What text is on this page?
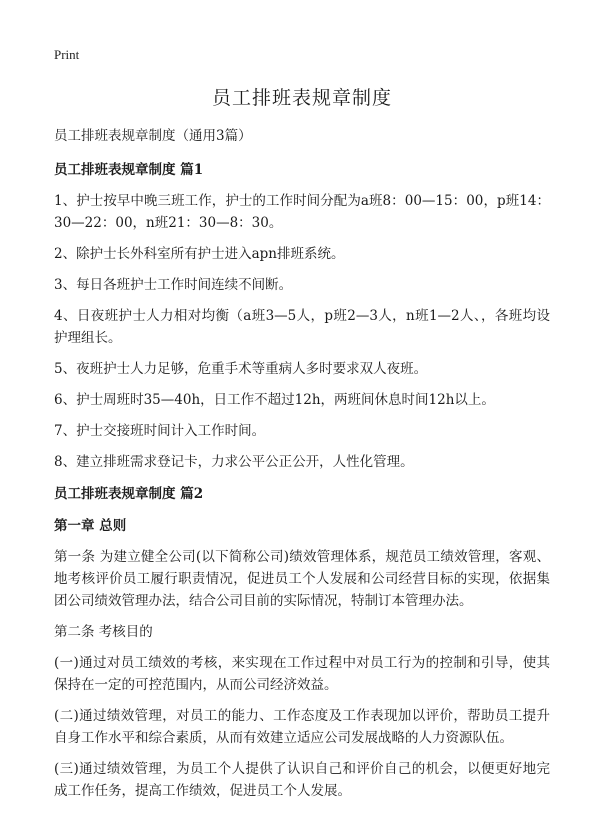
Print
员工排班表规章制度

员工排班表规章制度（通用3篇）

员工排班表规章制度 篇1

1、护士按早中晚三班工作，护士的工作时间分配为a班8：00—15：00，p班14：30—22：00，n班21：30—8：30。

2、除护士长外科室所有护士进入apn排班系统。

3、每日各班护士工作时间连续不间断。

4、日夜班护士人力相对均衡（a班3—5人，p班2—3人，n班1—2人、，各班均设护理组长。

5、夜班护士人力足够，危重手术等重病人多时要求双人夜班。

6、护士周班时35—40h，日工作不超过12h，两班间休息时间12h以上。

7、护士交接班时间计入工作时间。

8、建立排班需求登记卡，力求公平公正公开，人性化管理。

员工排班表规章制度 篇2

第一章 总则

第一条 为建立健全公司(以下简称公司)绩效管理体系，规范员工绩效管理，客观、地考核评价员工履行职责情况，促进员工个人发展和公司经营目标的实现，依据集团公司绩效管理办法，结合公司目前的实际情况，特制订本管理办法。

第二条 考核目的

(一)通过对员工绩效的考核，来实现在工作过程中对员工行为的控制和引导，使其保持在一定的可控范围内，从而公司经济效益。

(二)通过绩效管理，对员工的能力、工作态度及工作表现加以评价，帮助员工提升自身工作水平和综合素质，从而有效建立适应公司发展战略的人力资源队伍。

(三)通过绩效管理，为员工个人提供了认识自己和评价自己的机会，以便更好地完成工作任务，提高工作绩效，促进员工个人发展。
